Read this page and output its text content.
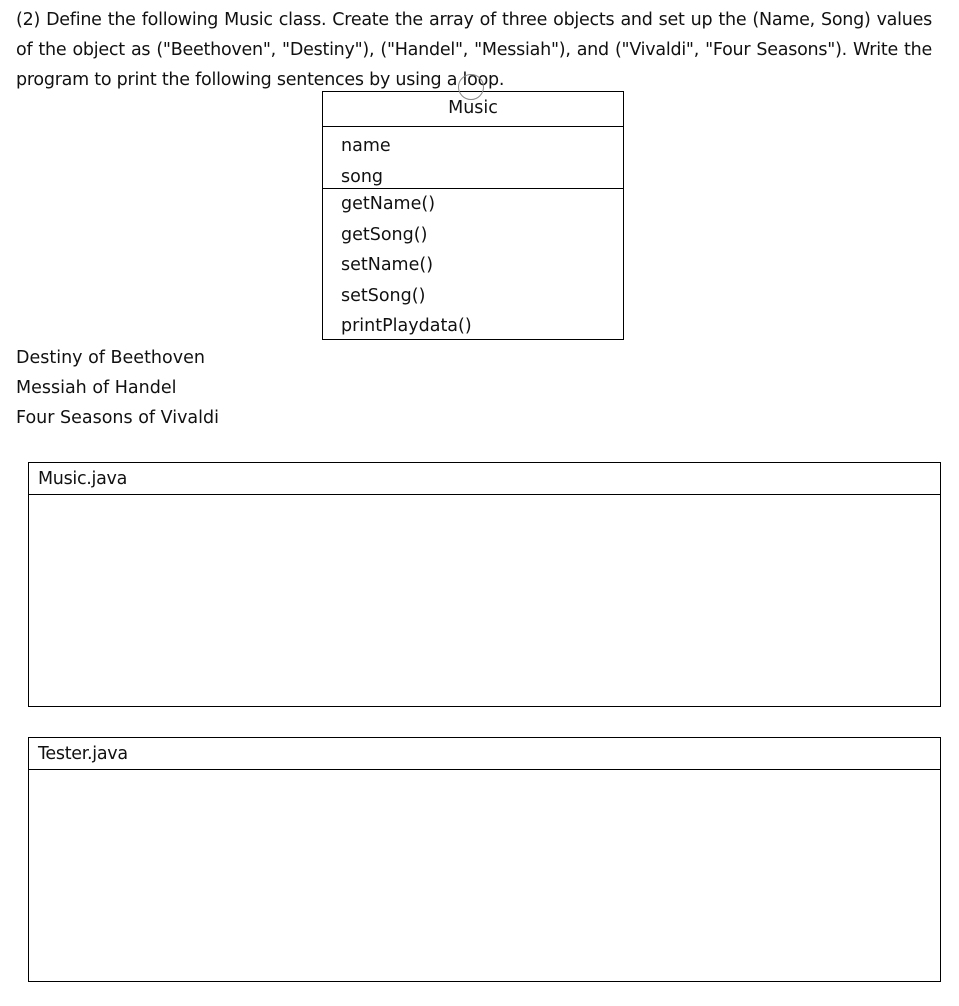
(2) Define the following Music class. Create the array of three objects and set up the (Name, Song) values of the object as ("Beethoven", "Destiny"), ("Handel", "Messiah"), and ("Vivaldi", "Four Seasons"). Write the program to print the following sentences by using a loop.

Music
name
song
getName()
getSong()
setName()
setSong()
printPlaydata()
Destiny of Beethoven
Messiah of Handel
Four Seasons of Vivaldi
Music.java
Tester.java
